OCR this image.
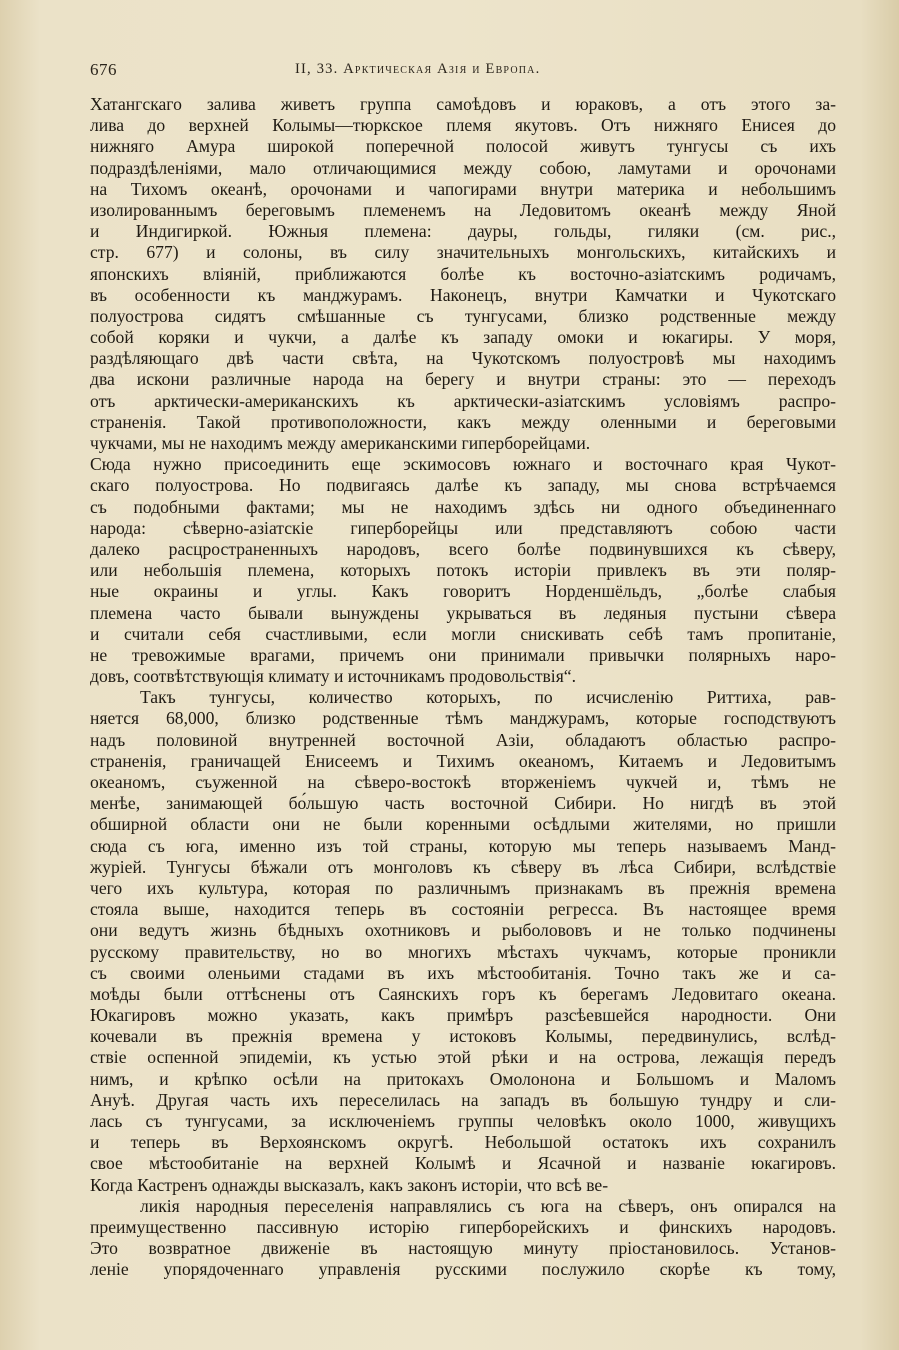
676	II, 33. Арктическая Азія и Европа.
Хатангскаго залива живетъ группа самоѣдовъ и юраковъ, а отъ этого за-
лива до верхней Колымы—тюркское племя якутовъ. Отъ нижняго Енисея до
нижняго Амура широкой поперечной полосой живутъ тунгусы съ ихъ
подраздѣленіями, мало отличающимися между собою, ламутами и орочонами
на Тихомъ океанѣ, орочонами и чапогирами внутри материка и небольшимъ
изолированнымъ береговымъ племенемъ на Ледовитомъ океанѣ между Яной
и Индигиркой. Южныя племена: дауры, гольды, гиляки (см. рис.,
стр. 677) и солоны, въ силу значительныхъ монгольскихъ, китайскихъ и
японскихъ вліяній, приближаются болѣе къ восточно-азіатскимъ родичамъ,
въ особенности къ манджурамъ. Наконецъ, внутри Камчатки и Чукотскаго
полуострова сидятъ смѣшанные съ тунгусами, близко родственные между
собой коряки и чукчи, а далѣе къ западу омоки и юкагиры. У моря,
раздѣляющаго двѣ части свѣта, на Чукотскомъ полуостровѣ мы находимъ
два искони различные народа на берегу и внутри страны: это — переходъ
отъ арктически-американскихъ къ арктически-азіатскимъ условіямъ распро-
страненія. Такой противоположности, какъ между оленными и береговыми
чукчами, мы не находимъ между американскими гиперборейцами.
Сюда нужно присоединить еще эскимосовъ южнаго и восточнаго края Чукот-
скаго полуострова. Но подвигаясь далѣе къ западу, мы снова встрѣчаемся
съ подобными фактами; мы не находимъ здѣсь ни одного объединеннаго
народа: сѣверно-азіатскіе гиперборейцы или представляютъ собою части
далеко расцространенныхъ народовъ, всего болѣе подвинувшихся къ сѣверу,
или небольшія племена, которыхъ потокъ исторіи привлекъ въ эти поляр-
ные окраины и углы. Какъ говоритъ Норденшёльдъ, „болѣе слабыя
племена часто бывали вынуждены укрываться въ ледяныя пустыни сѣвера
и считали себя счастливыми, если могли снискивать себѣ тамъ пропитаніе,
не тревожимые врагами, причемъ они принимали привычки полярныхъ наро-
довъ, соотвѣтствующія климату и источникамъ продовольствія“.
Такъ тунгусы, количество которыхъ, по исчисленію Риттиха, рав-
няется 68,000, близко родственные тѣмъ манджурамъ, которые господствуютъ
надъ половиной внутренней восточной Азіи, обладаютъ областью распро-
страненія, граничащей Енисеемъ и Тихимъ океаномъ, Китаемъ и Ледовитымъ
океаномъ, съуженной на сѣверо-востокѣ вторженіемъ чукчей и, тѣмъ не
менѣе, занимающей бо́льшую часть восточной Сибири. Но нигдѣ въ этой
обширной области они не были коренными осѣдлыми жителями, но пришли
сюда съ юга, именно изъ той страны, которую мы теперь называемъ Манд-
журіей. Тунгусы бѣжали отъ монголовъ къ сѣверу въ лѣса Сибири, вслѣдствіе
чего ихъ культура, которая по различнымъ признакамъ въ прежнія времена
стояла выше, находится теперь въ состояніи регресса. Въ настоящее время
они ведутъ жизнь бѣдныхъ охотниковъ и рыболововъ и не только подчинены
русскому правительству, но во многихъ мѣстахъ чукчамъ, которые проникли
съ своими оленьими стадами въ ихъ мѣстообитанія. Точно такъ же и са-
моѣды были оттѣснены отъ Саянскихъ горъ къ берегамъ Ледовитаго океана.
Юкагировъ можно указать, какъ примѣръ разсѣевшейся народности. Они
кочевали въ прежнія времена у истоковъ Колымы, передвинулись, вслѣд-
ствіе оспенной эпидеміи, къ устью этой рѣки и на острова, лежащія передъ
нимъ, и крѣпко осѣли на притокахъ Омолонона и Большомъ и Маломъ
Ануѣ. Другая часть ихъ переселилась на западъ въ большую тундру и сли-
лась съ тунгусами, за исключеніемъ группы человѣкъ около 1000, живущихъ
и теперь въ Верхоянскомъ округѣ. Небольшой остатокъ ихъ сохранилъ
свое мѣстообитаніе на верхней Колымѣ и Ясачной и названіе юкагировъ.
Когда Кастренъ однажды высказалъ, какъ законъ исторіи, что всѣ ве-
ликія народныя переселенія направлялись съ юга на сѣверъ, онъ опирался на
преимущественно пассивную исторію гиперборейскихъ и финскихъ народовъ.
Это возвратное движеніе въ настоящую минуту пріостановилось. Установ-
леніе упорядоченнаго управленія русскими послужило скорѣе къ тому,
